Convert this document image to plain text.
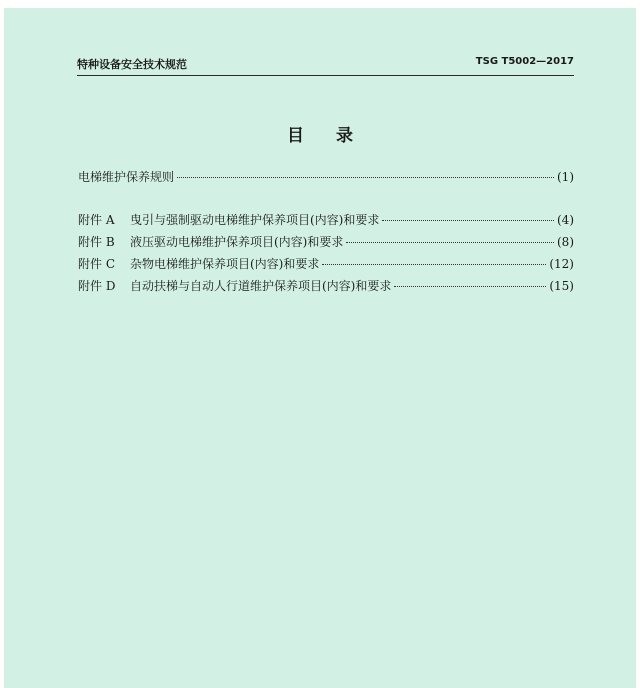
特种设备安全技术规范	TSG T5002—2017
目录
电梯维护保养规则	(1)
附件 A	曳引与强制驱动电梯维护保养项目(内容)和要求	(4)
附件 B	液压驱动电梯维护保养项目(内容)和要求	(8)
附件 C	杂物电梯维护保养项目(内容)和要求	(12)
附件 D	自动扶梯与自动人行道维护保养项目(内容)和要求	(15)
